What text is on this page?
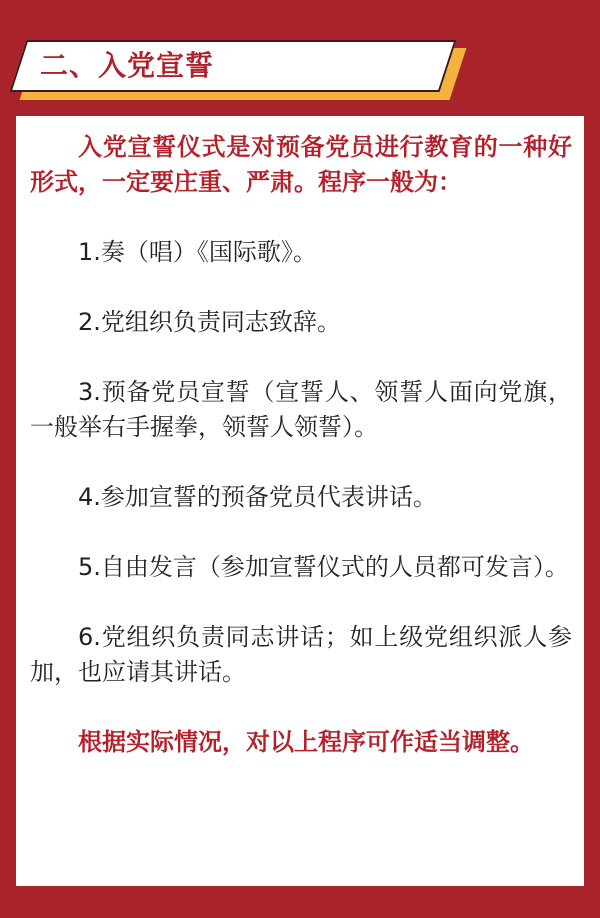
二、入党宣誓

入党宣誓仪式是对预备党员进行教育的一种好形式，一定要庄重、严肃。程序一般为：

1.奏（唱）《国际歌》。

2.党组织负责同志致辞。

3.预备党员宣誓（宣誓人、领誓人面向党旗，一般举右手握拳，领誓人领誓）。

4.参加宣誓的预备党员代表讲话。

5.自由发言（参加宣誓仪式的人员都可发言）。

6.党组织负责同志讲话；如上级党组织派人参加，也应请其讲话。

根据实际情况，对以上程序可作适当调整。
